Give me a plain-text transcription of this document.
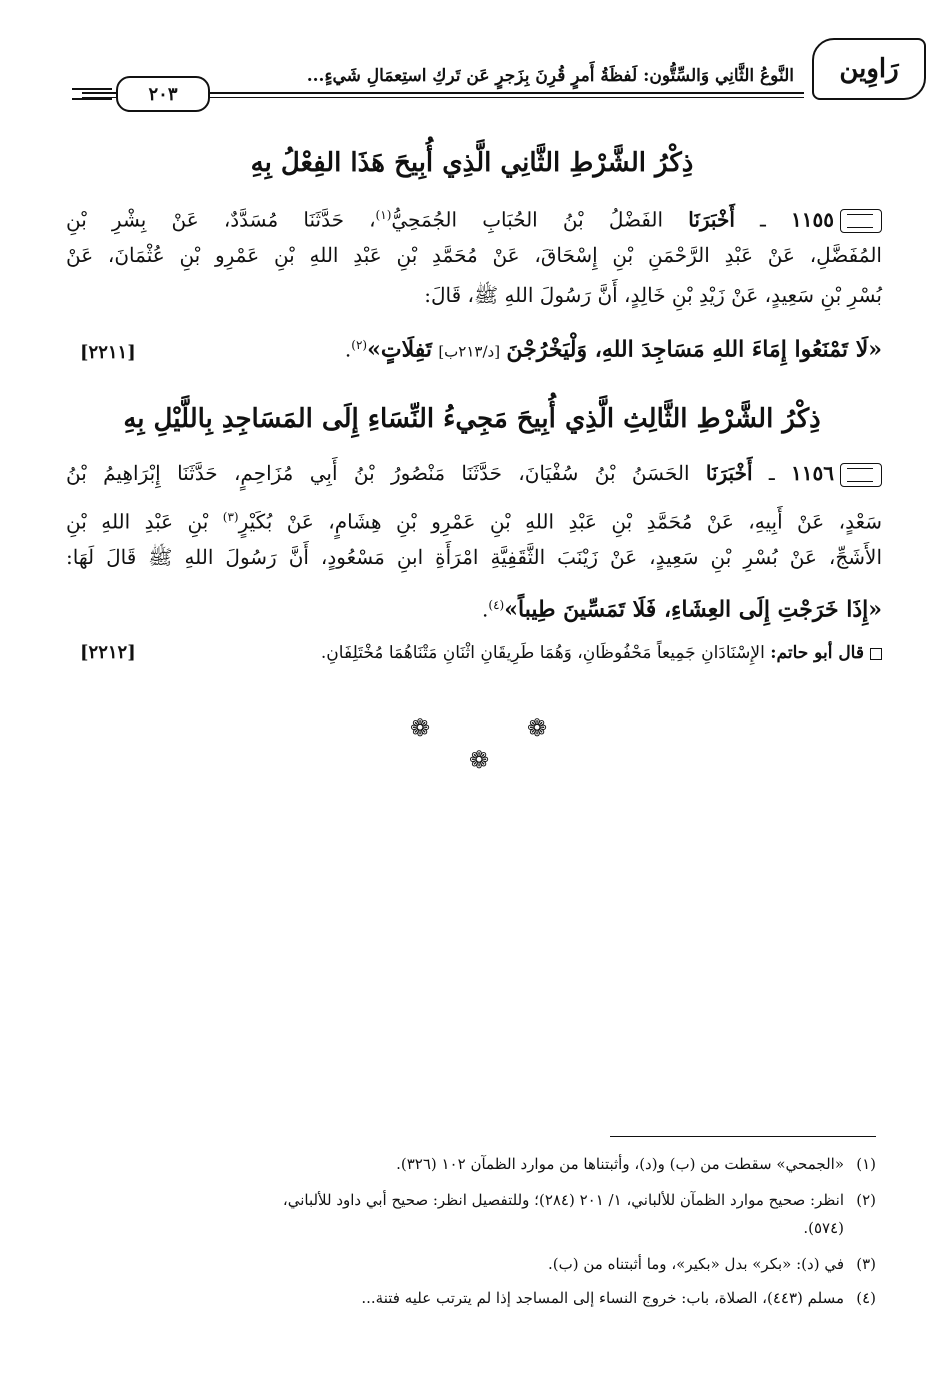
رَاوِين
النَّوعُ الثَّانِي وَالسِّتُّون: لَفظَةُ أَمرٍ قُرِنَ بِزَجرٍ عَن تَركِ استِعمَالِ شَيءٍ...
٢٠٣
ذِكْرُ الشَّرْطِ الثَّانِي الَّذِي أُبِيحَ هَذَا الفِعْلُ بِهِ
١١٥٥ ـ أَخْبَرَنَا الفَضْلُ بْنُ الحُبَابِ الجُمَحِيُّ$^{(١)}$، حَدَّثَنَا مُسَدَّدٌ، عَنْ بِشْرِ بْنِ
المُفَضَّلِ، عَنْ عَبْدِ الرَّحْمَنِ بْنِ إِسْحَاقَ، عَنْ مُحَمَّدِ بْنِ عَبْدِ اللهِ بْنِ عَمْرِو بْنِ عُثْمَانَ، عَنْ
بُسْرِ بْنِ سَعِيدٍ، عَنْ زَيْدِ بْنِ خَالِدٍ، أَنَّ رَسُولَ اللهِ ﷺ، قَالَ:
«لَا تَمْنَعُوا إِمَاءَ اللهِ مَسَاجِدَ اللهِ، وَلْيَخْرُجْنَ [د/٢١٣ب] تَفِلَاتٍ»$^{(٢)}$.
[٢٢١١]
ذِكْرُ الشَّرْطِ الثَّالِثِ الَّذِي أُبِيحَ مَجِيءُ النِّسَاءِ إِلَى المَسَاجِدِ بِاللَّيْلِ بِهِ
١١٥٦ ـ أَخْبَرَنَا الحَسَنُ بْنُ سُفْيَانَ، حَدَّثَنَا مَنْصُورُ بْنُ أَبِي مُزَاحِمٍ، حَدَّثَنَا إِبْرَاهِيمُ بْنُ
سَعْدٍ، عَنْ أَبِيهِ، عَنْ مُحَمَّدِ بْنِ عَبْدِ اللهِ بْنِ عَمْرِو بْنِ هِشَامٍ، عَنْ بُكَيْرٍ$^{(٣)}$ بْنِ عَبْدِ اللهِ بْنِ
الأَشَجِّ، عَنْ بُسْرِ بْنِ سَعِيدٍ، عَنْ زَيْنَبَ الثَّقَفِيَّةِ امْرَأَةِ ابنِ مَسْعُودٍ، أَنَّ رَسُولَ اللهِ ﷺ قَالَ لَهَا:
«إِذَا خَرَجْتِ إِلَى العِشَاءِ، فَلَا تَمَسِّينَ طِيباً»$^{(٤)}$.
قال أبو حاتم: الإِسْنَادَانِ جَمِيعاً مَحْفُوظَانِ، وَهُمَا طَرِيقَانِ اثْنَانِ مَتْنَاهُمَا مُخْتَلِفَانِ.
[٢٢١٢]
❁	❁
❁
(١)«الجمحي» سقطت من (ب) و(د)، وأثبتناها من موارد الظمآن ١٠٢ (٣٢٦).
(٢)انظر: صحيح موارد الظمآن للألباني، ١/ ٢٠١ (٢٨٤)؛ وللتفصيل انظر: صحيح أبي داود للألباني،
(٥٧٤).
(٣)في (د): «بكر» بدل «بكير»، وما أثبتناه من (ب).
(٤)مسلم (٤٤٣)، الصلاة، باب: خروج النساء إلى المساجد إذا لم يترتب عليه فتنة...
